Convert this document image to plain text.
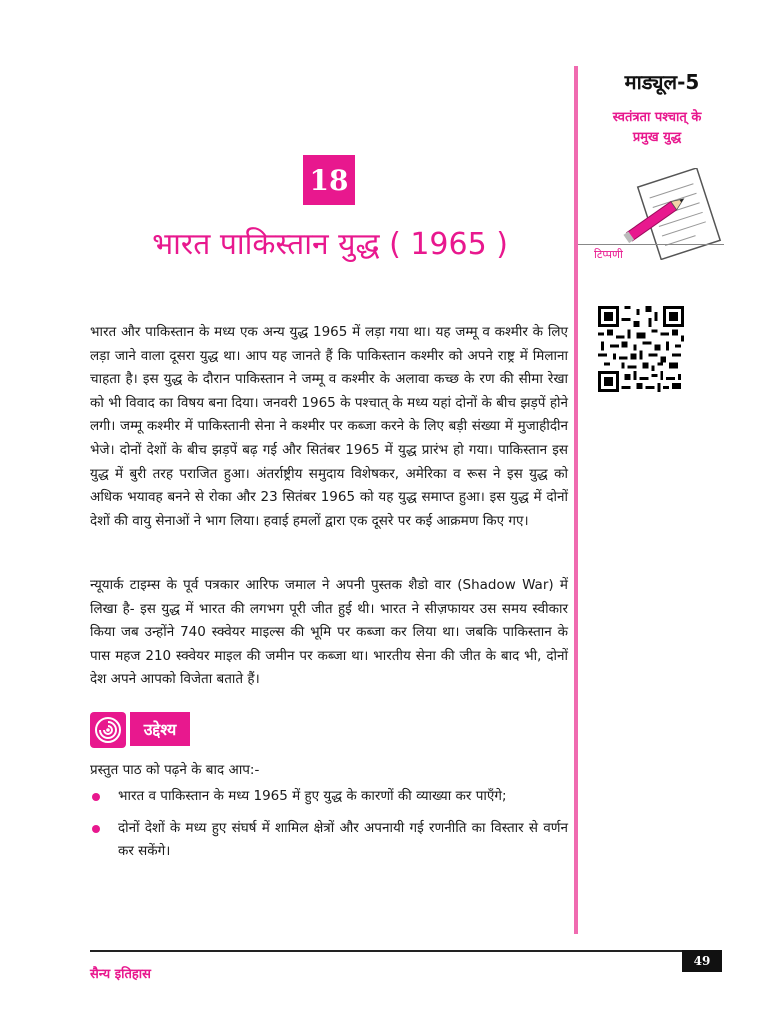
माड्यूल-5
स्वतंत्रता पश्चात् के प्रमुख युद्ध
टिप्पणी
18
भारत पाकिस्तान युद्ध ( 1965 )
भारत और पाकिस्तान के मध्य एक अन्य युद्ध 1965 में लड़ा गया था। यह जम्मू व कश्मीर के लिए लड़ा जाने वाला दूसरा युद्ध था। आप यह जानते हैं कि पाकिस्तान कश्मीर को अपने राष्ट्र में मिलाना चाहता है। इस युद्ध के दौरान पाकिस्तान ने जम्मू व कश्मीर के अलावा कच्छ के रण की सीमा रेखा को भी विवाद का विषय बना दिया। जनवरी 1965 के पश्चात् के मध्य यहां दोनों के बीच झड़पें होने लगी। जम्मू कश्मीर में पाकिस्तानी सेना ने कश्मीर पर कब्जा करने के लिए बड़ी संख्या में मुजाहीदीन भेजे। दोनों देशों के बीच झड़पें बढ़ गई और सितंबर 1965 में युद्ध प्रारंभ हो गया। पाकिस्तान इस युद्ध में बुरी तरह पराजित हुआ। अंतर्राष्ट्रीय समुदाय विशेषकर, अमेरिका व रूस ने इस युद्ध को अधिक भयावह बनने से रोका और 23 सितंबर 1965 को यह युद्ध समाप्त हुआ। इस युद्ध में दोनों देशों की वायु सेनाओं ने भाग लिया। हवाई हमलों द्वारा एक दूसरे पर कई आक्रमण किए गए।
न्यूयार्क टाइम्स के पूर्व पत्रकार आरिफ जमाल ने अपनी पुस्तक शैडो वार (Shadow War) में लिखा है- इस युद्ध में भारत की लगभग पूरी जीत हुई थी। भारत ने सीज़फायर उस समय स्वीकार किया जब उन्होंने 740 स्क्वेयर माइल्स की भूमि पर कब्जा कर लिया था। जबकि पाकिस्तान के पास महज 210 स्क्वेयर माइल की जमीन पर कब्जा था। भारतीय सेना की जीत के बाद भी, दोनों देश अपने आपको विजेता बताते हैं।
उद्देश्य
प्रस्तुत पाठ को पढ़ने के बाद आप:-
भारत व पाकिस्तान के मध्य 1965 में हुए युद्ध के कारणों की व्याख्या कर पाएँगे;
दोनों देशों के मध्य हुए संघर्ष में शामिल क्षेत्रों और अपनायी गई रणनीति का विस्तार से वर्णन कर सकेंगे।
49
सैन्य इतिहास
